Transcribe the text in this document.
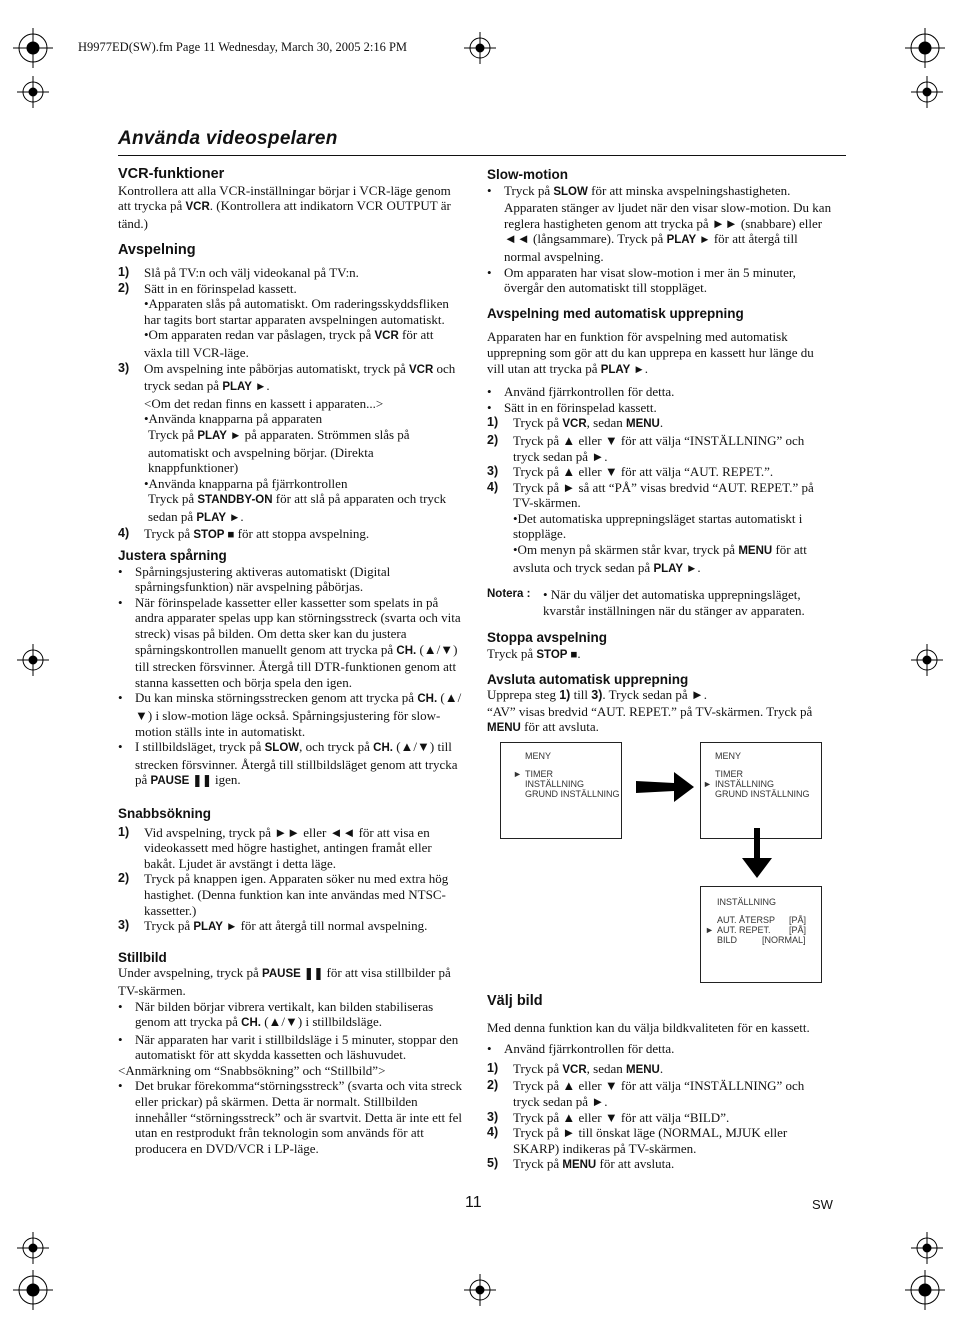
H9977ED(SW).fm Page 11 Wednesday, March 30, 2005 2:16 PM
Använda videospelaren

VCR-funktioner

Kontrollera att alla VCR-inställningar börjar i VCR-läge genom att trycka på VCR. (Kontrollera att indikatorn VCR OUTPUT är tänd.)

Avspelning

1)	Slå på TV:n och välj videokanal på TV:n.
2)	Sätt in en förinspelad kassett.

•Apparaten slås på automatiskt. Om raderingsskyddsfliken har tagits bort startar apparaten avspelningen automatiskt.

•Om apparaten redan var påslagen, tryck på VCR för att växla till VCR-läge.

3)	Om avspelning inte påbörjas automatiskt, tryck på VCR och tryck sedan på PLAY ►.

<Om det redan finns en kassett i apparaten...>

•Använda knapparna på apparaten

Tryck på PLAY ► på apparaten. Strömmen slås på automatiskt och avspelning börjar. (Direkta knappfunktioner)

•Använda knapparna på fjärrkontrollen

Tryck på STANDBY-ON för att slå på apparaten och tryck sedan på PLAY ►.

4)	Tryck på STOP ■ för att stoppa avspelning.

Justera spårning

• Spårningsjustering aktiveras automatiskt (Digital spårningsfunktion) när avspelning påbörjas.
• När förinspelade kassetter eller kassetter som spelats in på andra apparater spelas upp kan störningsstreck (svarta och vita streck) visas på bilden. Om detta sker kan du justera spårningskontrollen manuellt genom att trycka på CH. (▲/▼) till strecken försvinner. Återgå till DTR-funktionen genom att stanna kassetten och börja spela den igen.
• Du kan minska störningsstrecken genom att trycka på CH. (▲/▼) i slow-motion läge också. Spårningsjustering för slow-motion ställs inte in automatiskt.
• I stillbildsläget, tryck på SLOW, och tryck på CH. (▲/▼) till strecken försvinner. Återgå till stillbildsläget genom att trycka på PAUSE ❚❚ igen.

Snabbsökning

1)	Vid avspelning, tryck på ►► eller ◄◄ för att visa en videokassett med högre hastighet, antingen framåt eller bakåt. Ljudet är avstängt i detta läge.
2)	Tryck på knappen igen. Apparaten söker nu med extra hög hastighet. (Denna funktion kan inte användas med NTSC-kassetter.)
3)	Tryck på PLAY ► för att återgå till normal avspelning.

Stillbild

Under avspelning, tryck på PAUSE ❚❚ för att visa stillbilder på TV-skärmen.

• När bilden börjar vibrera vertikalt, kan bilden stabiliseras genom att trycka på CH. (▲/▼) i stillbildsläge.
• När apparaten har varit i stillbildsläge i 5 minuter, stoppar den automatiskt för att skydda kassetten och läshuvudet.

<Anmärkning om “Snabbsökning” och “Stillbild”>

• Det brukar förekomma“störningsstreck” (svarta och vita streck eller prickar) på skärmen. Detta är normalt. Stillbilden innehåller “störningsstreck” och är svartvit. Detta är inte ett fel utan en restprodukt från teknologin som används för att producera en DVD/VCR i LP-läge.

Slow-motion

• Tryck på SLOW för att minska avspelningshastigheten. Apparaten stänger av ljudet när den visar slow-motion. Du kan reglera hastigheten genom att trycka på ►► (snabbare) eller ◄◄ (långsammare). Tryck på PLAY ► för att återgå till normal avspelning.
• Om apparaten har visat slow-motion i mer än 5 minuter, övergår den automatiskt till stoppläget.

Avspelning med automatisk upprepning

Apparaten har en funktion för avspelning med automatisk upprepning som gör att du kan upprepa en kassett hur länge du vill utan att trycka på PLAY ►.

• Använd fjärrkontrollen för detta.
• Sätt in en förinspelad kassett.
1)	Tryck på VCR, sedan MENU.
2)	Tryck på ▲ eller ▼ för att välja “INSTÄLLNING” och tryck sedan på ►.
3)	Tryck på ▲ eller ▼ för att välja “AUT. REPET.”.
4)	Tryck på ► så att “PÅ” visas bredvid “AUT. REPET.” på TV-skärmen.

•Det automatiska upprepningsläget startas automatiskt i stoppläge.

•Om menyn på skärmen står kvar, tryck på MENU för att avsluta och tryck sedan på PLAY ►.

Notera : • När du väljer det automatiska upprepningsläget, kvarstår inställningen när du stänger av apparaten.

Stoppa avspelning

Tryck på STOP ■.

Avsluta automatisk upprepning

Upprepa steg 1) till 3). Tryck sedan på ►.

“AV” visas bredvid “AUT. REPET.” på TV-skärmen. Tryck på MENU för att avsluta.

MENY
► TIMER
INSTÄLLNING
GRUND INSTÄLLNING
MENY
TIMER
► INSTÄLLNING
GRUND INSTÄLLNING
INSTÄLLNING
AUT. ÅTERSP [PÅ]
► AUT. REPET. [PÅ]
BILD	[NORMAL]

Välj bild

Med denna funktion kan du välja bildkvaliteten för en kassett.

• Använd fjärrkontrollen för detta.
1)	Tryck på VCR, sedan MENU.
2)	Tryck på ▲ eller ▼ för att välja “INSTÄLLNING” och tryck sedan på ►.
3)	Tryck på ▲ eller ▼ för att välja “BILD”.
4)	Tryck på ► till önskat läge (NORMAL, MJUK eller SKARP) indikeras på TV-skärmen.
5)	Tryck på MENU för att avsluta.
11	SW
